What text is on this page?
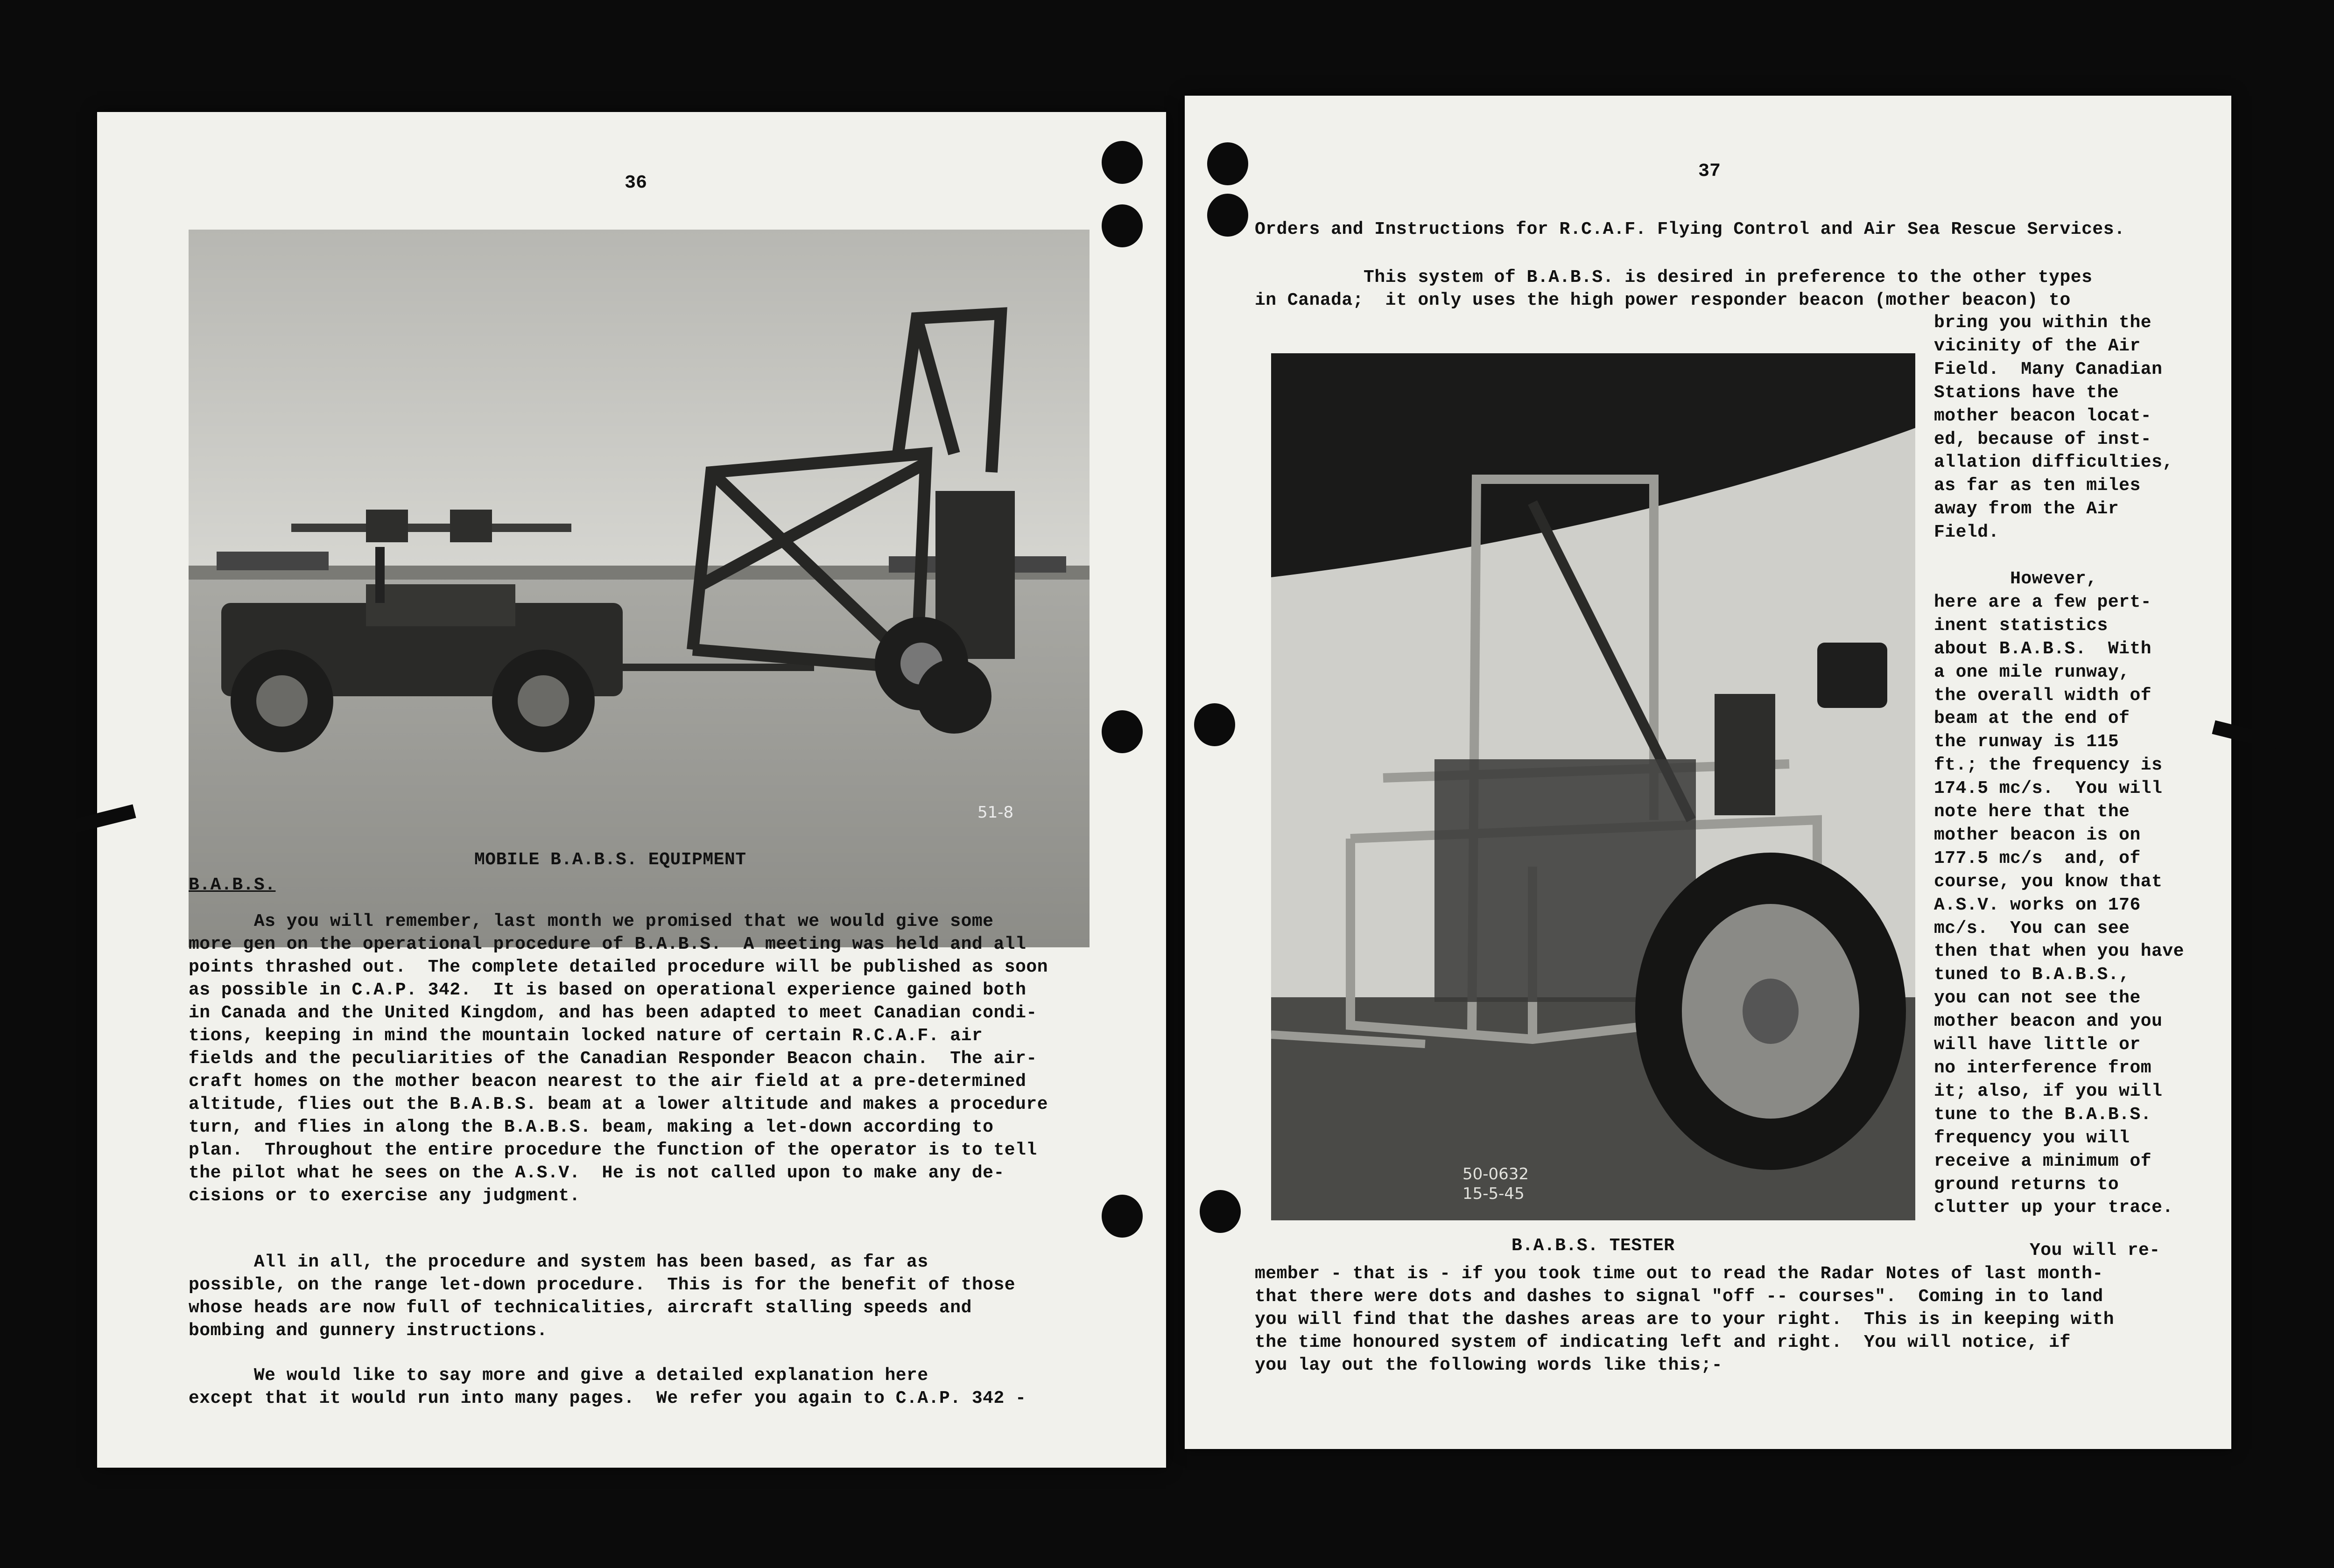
36
51-8
MOBILE B.A.B.S. EQUIPMENT
B.A.B.S.
As you will remember, last month we promised that we would give some
more gen on the operational procedure of B.A.B.S.  A meeting was held and all
points thrashed out.  The complete detailed procedure will be published as soon
as possible in C.A.P. 342.  It is based on operational experience gained both
in Canada and the United Kingdom, and has been adapted to meet Canadian condi-
tions, keeping in mind the mountain locked nature of certain R.C.A.F. air
fields and the peculiarities of the Canadian Responder Beacon chain.  The air-
craft homes on the mother beacon nearest to the air field at a pre-determined
altitude, flies out the B.A.B.S. beam at a lower altitude and makes a procedure
turn, and flies in along the B.A.B.S. beam, making a let-down according to
plan.  Throughout the entire procedure the function of the operator is to tell
the pilot what he sees on the A.S.V.  He is not called upon to make any de-
cisions or to exercise any judgment.
All in all, the procedure and system has been based, as far as
possible, on the range let-down procedure.  This is for the benefit of those
whose heads are now full of technicalities, aircraft stalling speeds and
bombing and gunnery instructions.
We would like to say more and give a detailed explanation here
except that it would run into many pages.  We refer you again to C.A.P. 342 -
37
Orders and Instructions for R.C.A.F. Flying Control and Air Sea Rescue Services.
This system of B.A.B.S. is desired in preference to the other types
in Canada;  it only uses the high power responder beacon (mother beacon) to
50-0632
15-5-45
bring you within the
vicinity of the Air
Field.  Many Canadian
Stations have the
mother beacon locat-
ed, because of inst-
allation difficulties,
as far as ten miles
away from the Air
Field.

However,
here are a few pert-
inent statistics
about B.A.B.S.  With
a one mile runway,
the overall width of
beam at the end of
the runway is 115
ft.; the frequency is
174.5 mc/s.  You will
note here that the
mother beacon is on
177.5 mc/s  and, of
course, you know that
A.S.V. works on 176
mc/s.  You can see
then that when you have
tuned to B.A.B.S.,
you can not see the
mother beacon and you
will have little or
no interference from
it; also, if you will
tune to the B.A.B.S.
frequency you will
receive a minimum of
ground returns to
clutter up your trace.
B.A.B.S. TESTER	You will re-
member - that is - if you took time out to read the Radar Notes of last month-
that there were dots and dashes to signal "off -- courses".  Coming in to land
you will find that the dashes areas are to your right.  This is in keeping with
the time honoured system of indicating left and right.  You will notice, if
you lay out the following words like this;-
